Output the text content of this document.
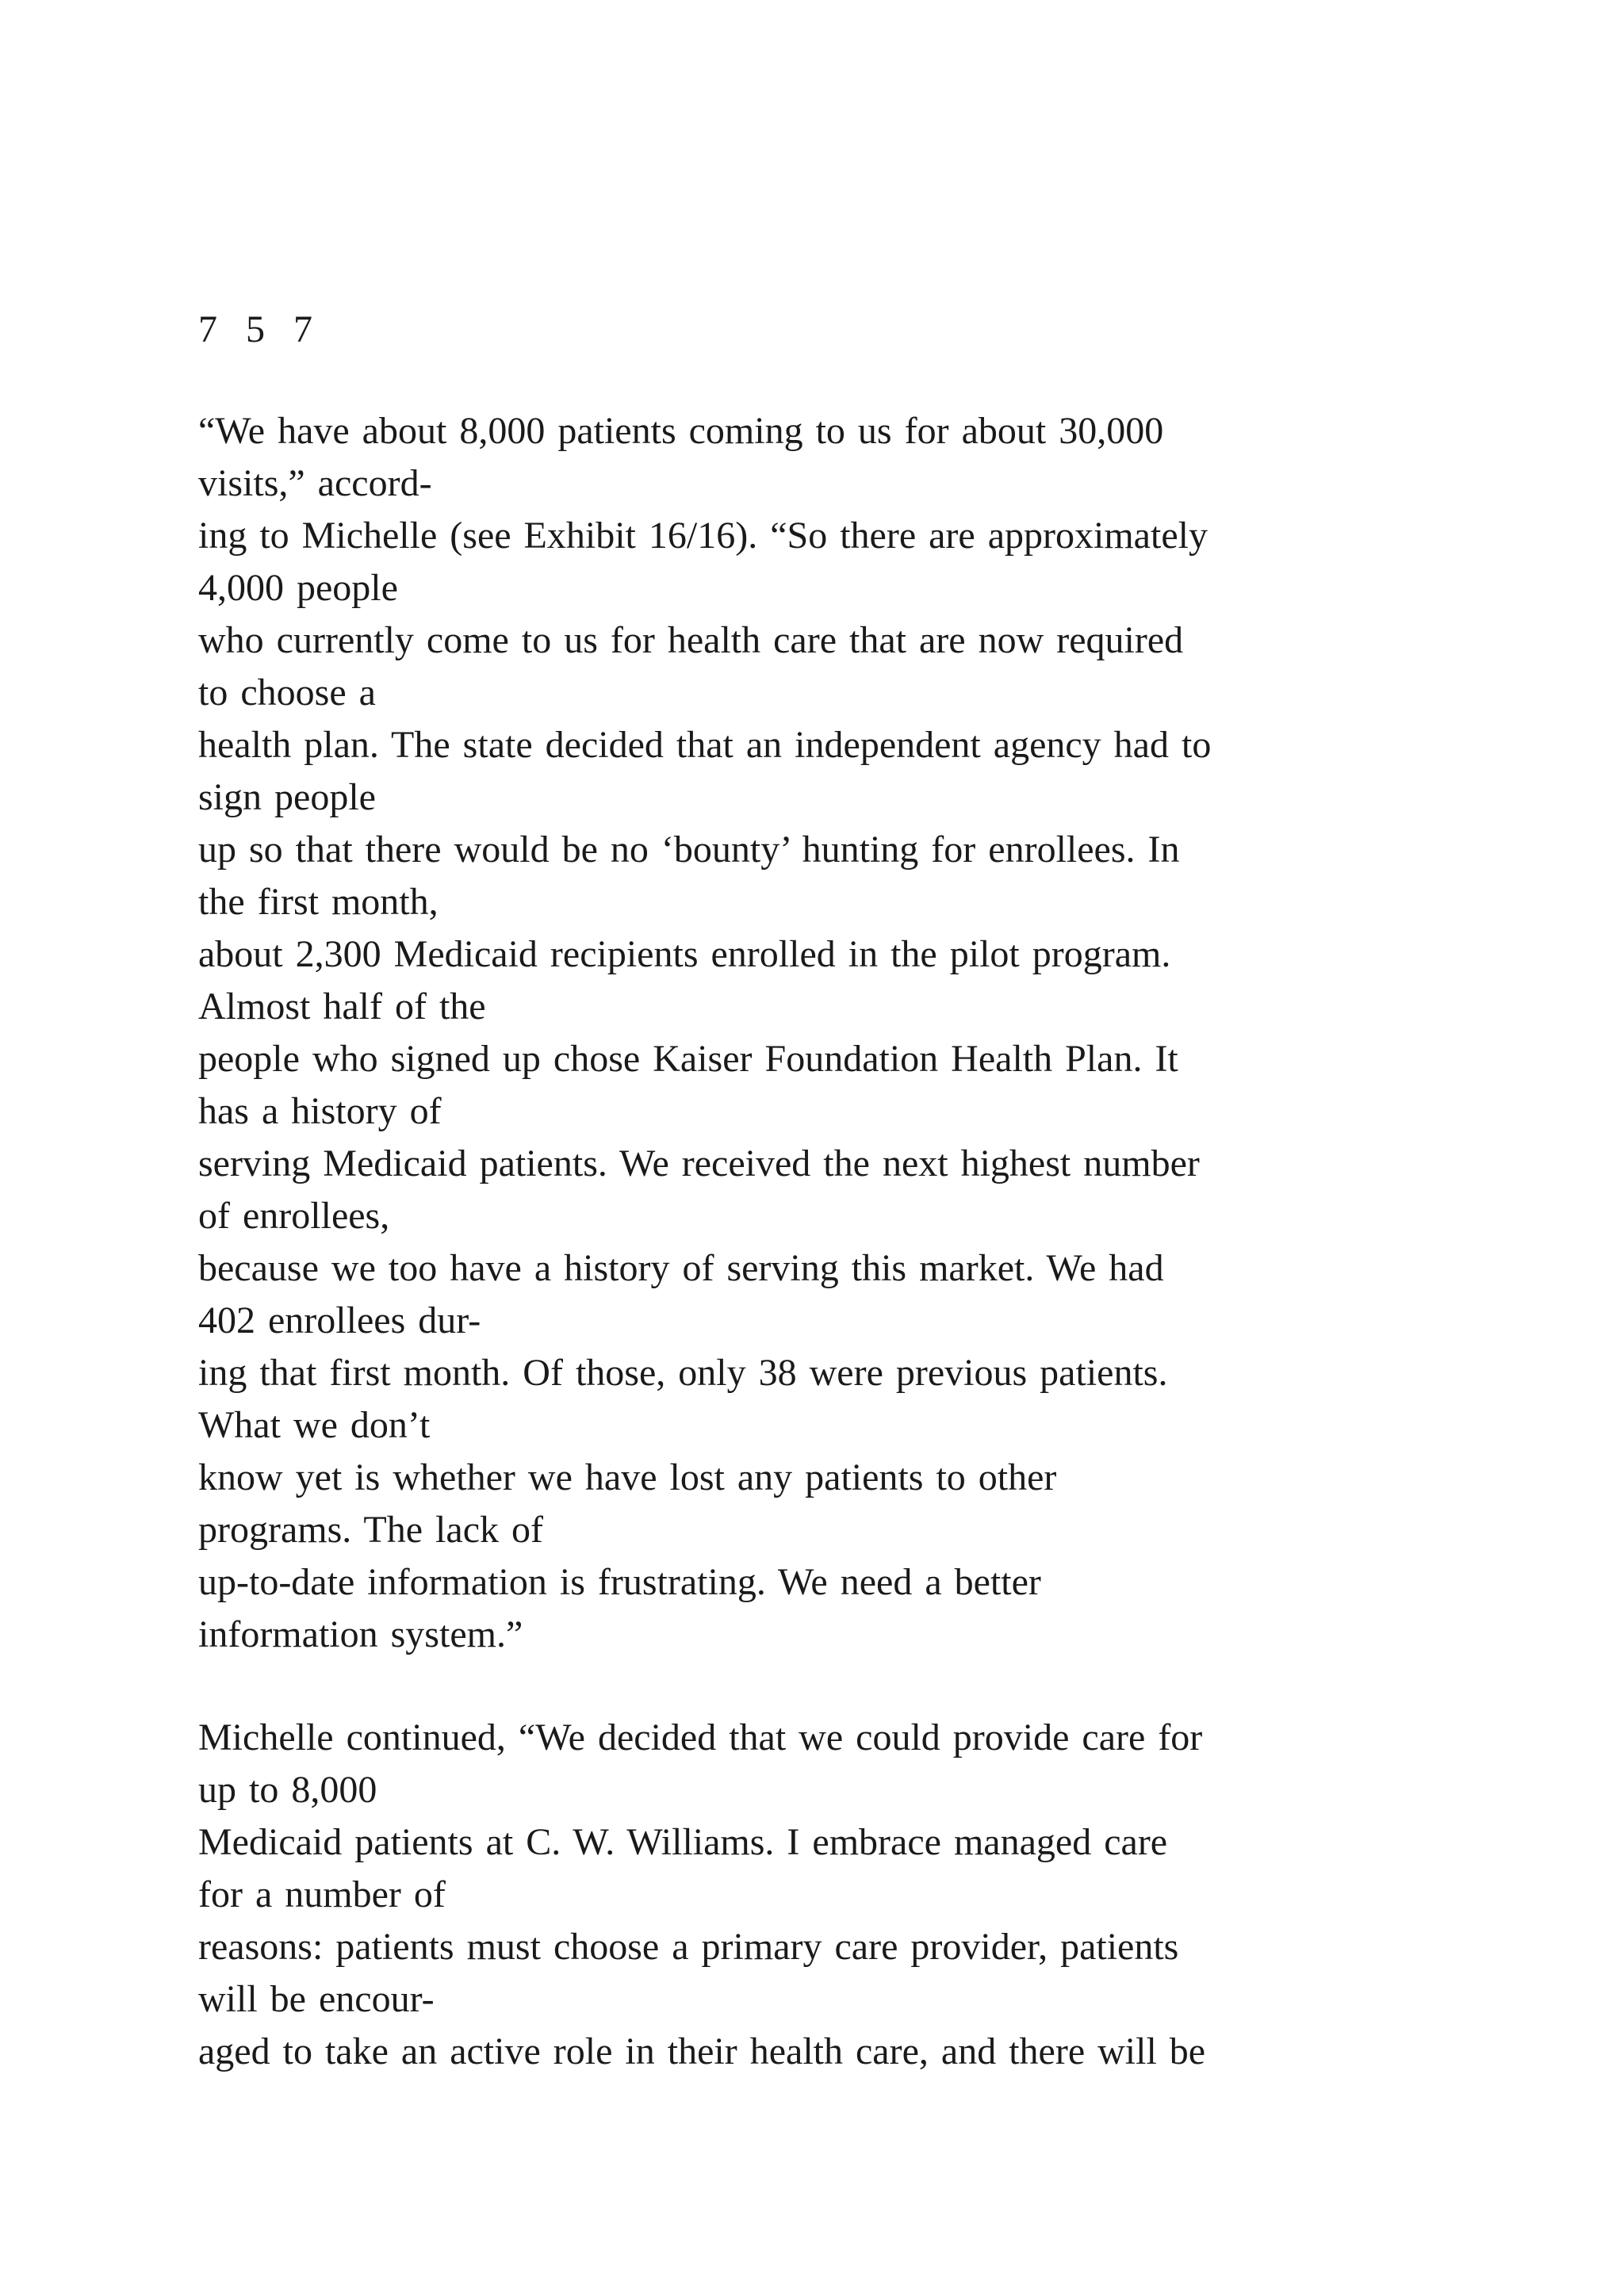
7 5 7
“We have about 8,000 patients coming to us for about 30,000
visits,” accord-
ing to Michelle (see Exhibit 16/16). “So there are approximately
4,000 people
who currently come to us for health care that are now required
to choose a
health plan. The state decided that an independent agency had to
sign people
up so that there would be no ‘bounty’ hunting for enrollees. In
the first month,
about 2,300 Medicaid recipients enrolled in the pilot program.
Almost half of the
people who signed up chose Kaiser Foundation Health Plan. It
has a history of
serving Medicaid patients. We received the next highest number
of enrollees,
because we too have a history of serving this market. We had
402 enrollees dur-
ing that first month. Of those, only 38 were previous patients.
What we don’t
know yet is whether we have lost any patients to other
programs. The lack of
up-to-date information is frustrating. We need a better
information system.”
Michelle continued, “We decided that we could provide care for
up to 8,000
Medicaid patients at C. W. Williams. I embrace managed care
for a number of
reasons: patients must choose a primary care provider, patients
will be encour-
aged to take an active role in their health care, and there will be
